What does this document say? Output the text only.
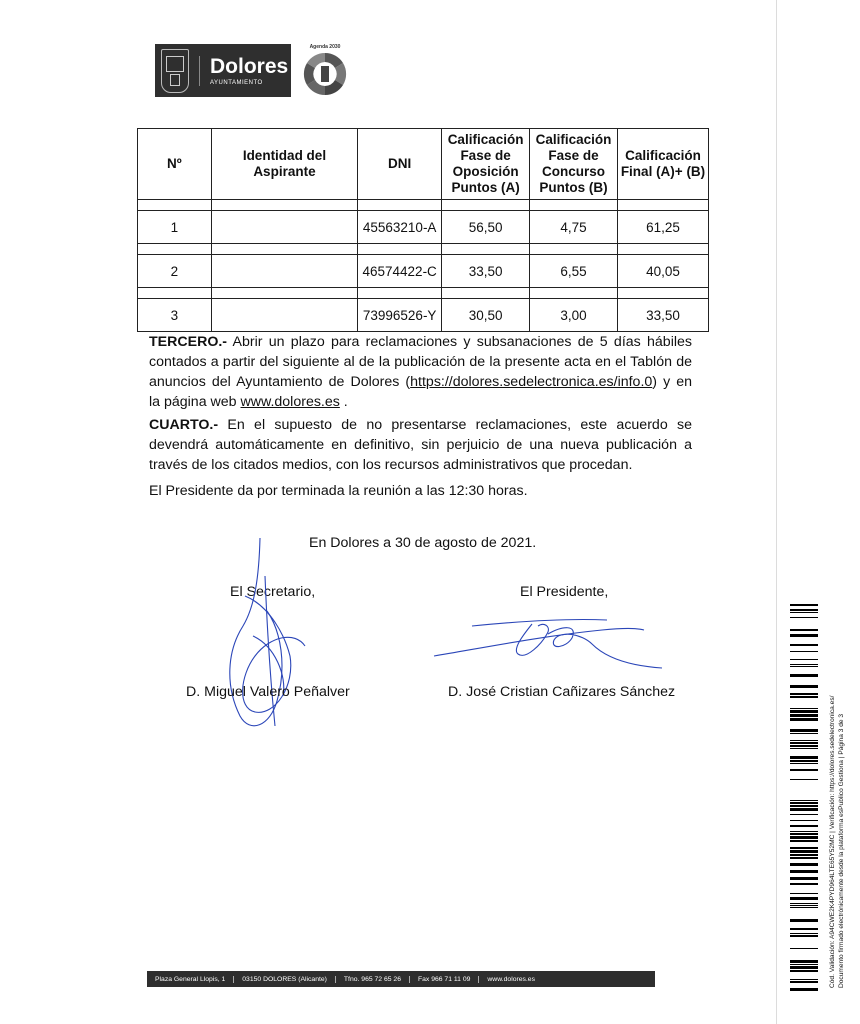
Dolores
AYUNTAMIENTO
Agenda 2030
Nº	Identidad del Aspirante	DNI	Calificación Fase de Oposición Puntos (A)	Calificación Fase de Concurso Puntos (B)	Calificación Final (A)+ (B)

1		45563210-A	56,50	4,75	61,25

2		46574422-C	33,50	6,55	40,05

3		73996526-Y	30,50	3,00	33,50
TERCERO.- Abrir un plazo para reclamaciones y subsanaciones de 5 días hábiles contados a partir del siguiente al de la publicación de la presente acta en el Tablón de anuncios del Ayuntamiento de Dolores (https://dolores.sedelectronica.es/info.0) y en la página web www.dolores.es .
CUARTO.- En el supuesto de no presentarse reclamaciones, este acuerdo se devendrá automáticamente en definitivo, sin perjuicio de una nueva publicación a través de los citados medios, con los recursos administrativos que procedan.
El Presidente da por terminada la reunión a las 12:30 horas.
En Dolores a 30 de agosto de 2021.
El Secretario,	El Presidente,
D. Miguel Valero Peñalver	D. José Cristian Cañizares Sánchez
Plaza General Llopis, 1	03150 DOLORES (Alicante)	Tfno. 965 72 65 26	Fax 966 71 11 09	www.dolores.es	Cód. Validación: A94CWE2K4PYD964LTE65Y52MC | Verificación: https://dolores.sedelectronica.es/ Documento firmado electrónicamente desde la plataforma esPublico Gestiona | Página 3 de 3
